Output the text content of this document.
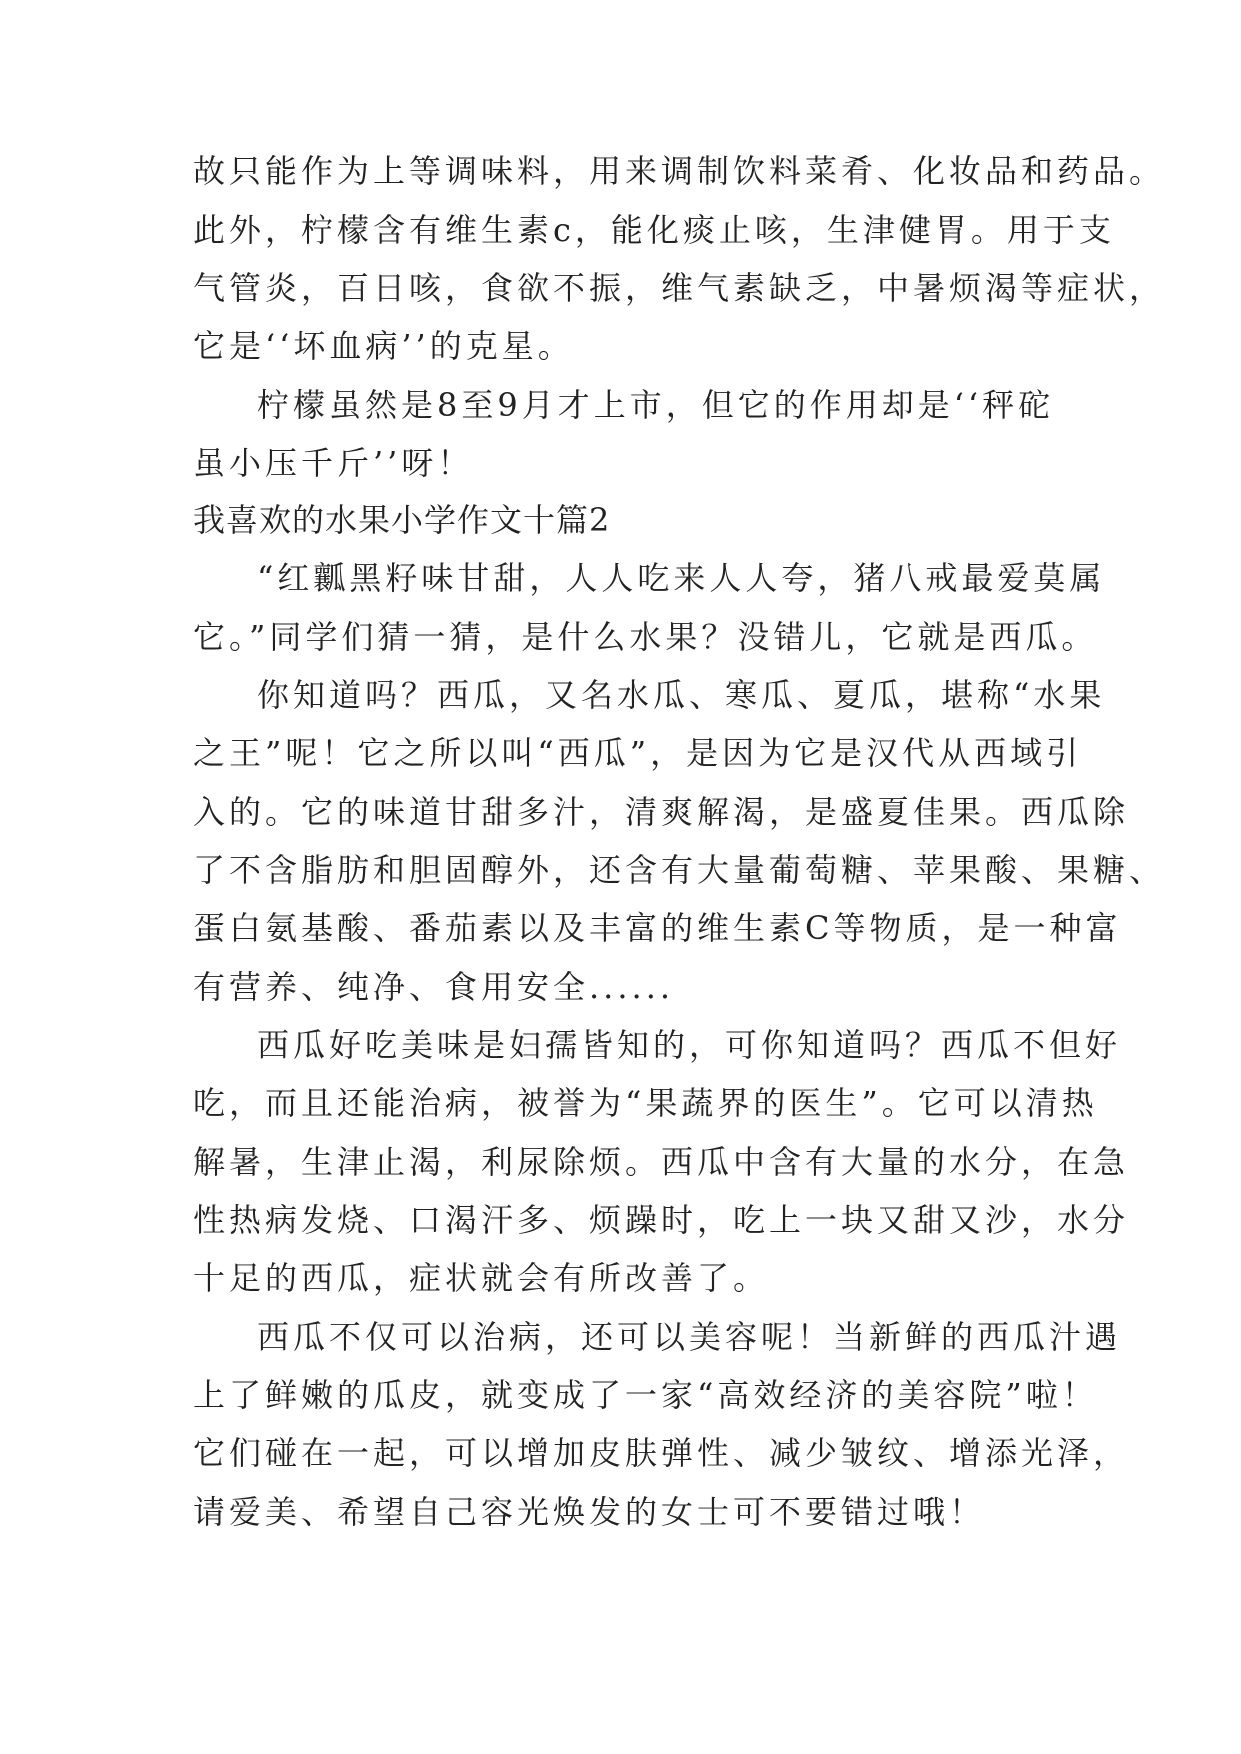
故只能作为上等调味料，用来调制饮料菜肴、化妆品和药品。
此外，柠檬含有维生素c，能化痰止咳，生津健胃。用于支
气管炎，百日咳，食欲不振，维气素缺乏，中暑烦渴等症状，
它是‘‘坏血病’’的克星。
柠檬虽然是8至9月才上市，但它的作用却是‘‘秤砣
虽小压千斤’’呀！
我喜欢的水果小学作文十篇2
“红瓤黑籽味甘甜，人人吃来人人夸，猪八戒最爱莫属
它。”同学们猜一猜，是什么水果？没错儿，它就是西瓜。
你知道吗？西瓜，又名水瓜、寒瓜、夏瓜，堪称“水果
之王”呢！它之所以叫“西瓜”，是因为它是汉代从西域引
入的。它的味道甘甜多汁，清爽解渴，是盛夏佳果。西瓜除
了不含脂肪和胆固醇外，还含有大量葡萄糖、苹果酸、果糖、
蛋白氨基酸、番茄素以及丰富的维生素C等物质，是一种富
有营养、纯净、食用安全......
西瓜好吃美味是妇孺皆知的，可你知道吗？西瓜不但好
吃，而且还能治病，被誉为“果蔬界的医生”。它可以清热
解暑，生津止渴，利尿除烦。西瓜中含有大量的水分，在急
性热病发烧、口渴汗多、烦躁时，吃上一块又甜又沙，水分
十足的西瓜，症状就会有所改善了。
西瓜不仅可以治病，还可以美容呢！当新鲜的西瓜汁遇
上了鲜嫩的瓜皮，就变成了一家“高效经济的美容院”啦！
它们碰在一起，可以增加皮肤弹性、减少皱纹、增添光泽，
请爱美、希望自己容光焕发的女士可不要错过哦！
